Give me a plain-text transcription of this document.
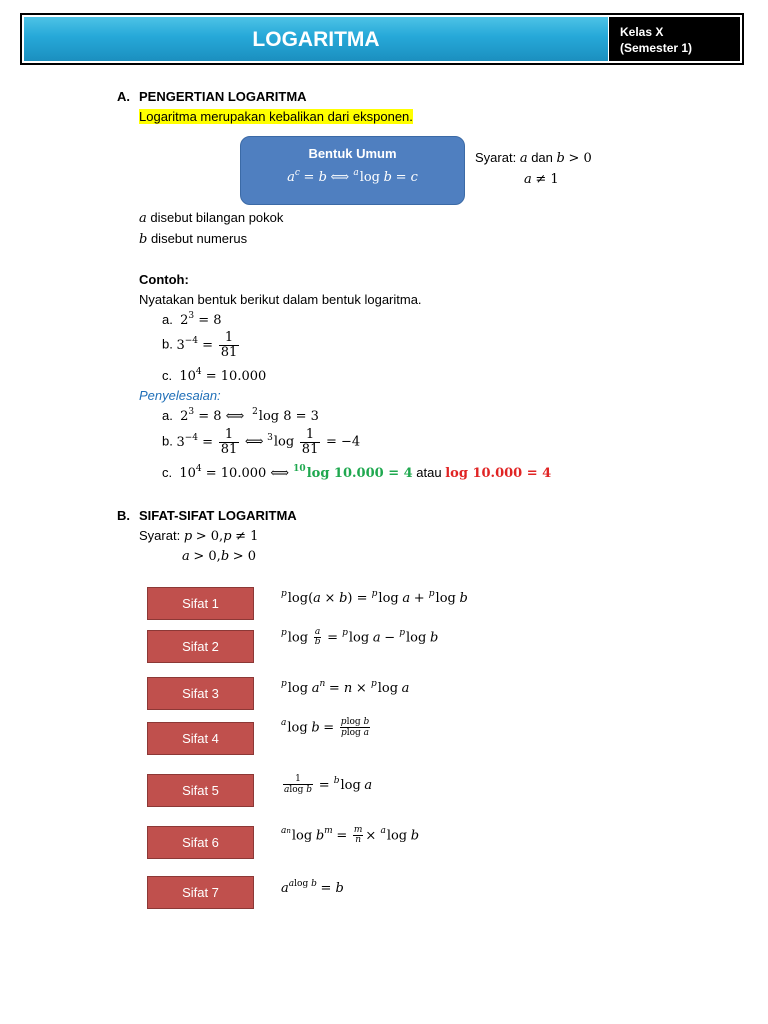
LOGARITMA	Kelas X
(Semester 1)
A. PENGERTIAN LOGARITMA
Logaritma merupakan kebalikan dari eksponen.
Bentuk Umum
$a^c = b$ ⟺ $^a$log b = c
Syarat: a dan b > 0
a ≠ 1
a disebut bilangan pokok
b disebut numerus
Contoh:
Nyatakan bentuk berikut dalam bentuk logaritma.
a.  $2^3 = 8$
b. $3^{-4} = \frac{1}{81}$
c.  $10^4 = 10.000$
Penyelesaian:
a.  $2^3 = 8$ ⟺  $^2$log 8 = 3
b. $3^{-4} = \frac{1}{81}$ ⟺ $^3\log \frac{1}{81} = -4$
c.  $10^4 = 10.000$ ⟺ $^{10}$log 10.000 = 4 atau log 10.000 = 4
B. SIFAT-SIFAT LOGARITMA
Syarat: p > 0,p ≠ 1
a > 0,b > 0
Sifat 1
Sifat 2
Sifat 3
Sifat 4
Sifat 5
Sifat 6
Sifat 7
$^p$log(a × b) = $^p$log a + $^p$log b
$^p\log \frac{a}{b} = ^p\log$ a − $^p$log b
$^p$log $a^n = n \times ^p\log$ a
$^a$log $b = \frac{\text{plog b}}{\text{plog a}}$
$\frac{1}{\text{alog b}} = ^b\log$ a
$^{an}$log $b^m = \frac{m}{n} \times ^a\log$ b
$a^{alog b} = b$
